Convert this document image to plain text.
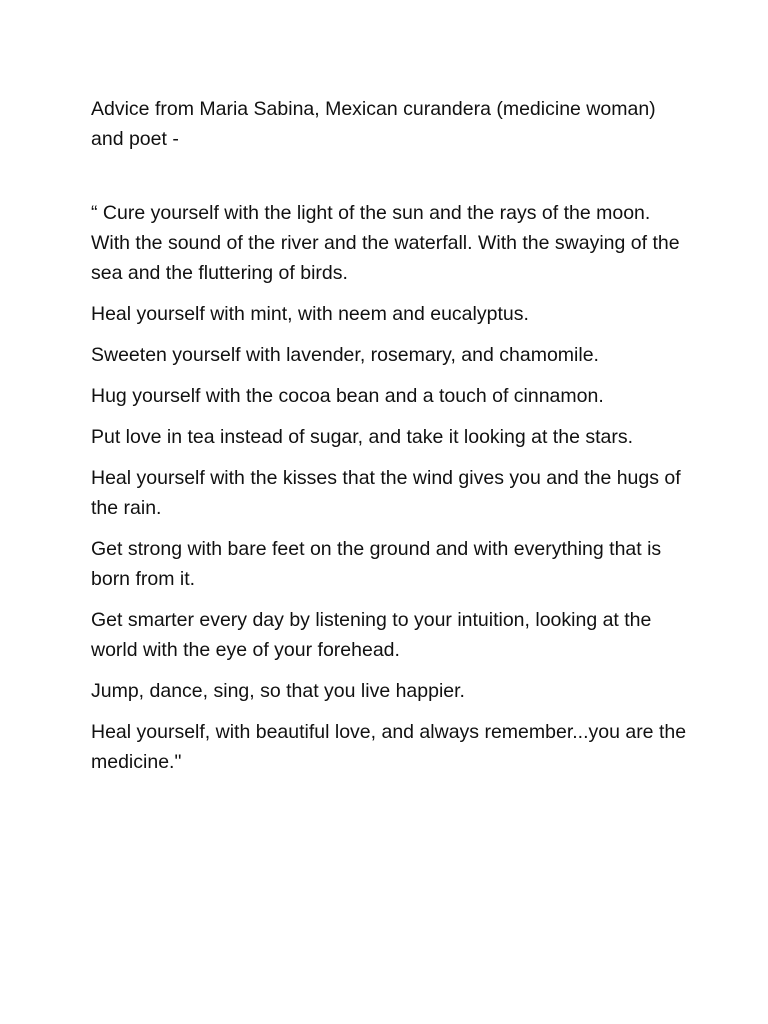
Advice from Maria Sabina, Mexican curandera (medicine woman) and poet -

“ Cure yourself with the light of the sun and the rays of the moon. With the sound of the river and the waterfall. With the swaying of the sea and the fluttering of birds.

Heal yourself with mint, with neem and eucalyptus.

Sweeten yourself with lavender, rosemary, and chamomile.

Hug yourself with the cocoa bean and a touch of cinnamon.

Put love in tea instead of sugar, and take it looking at the stars.

Heal yourself with the kisses that the wind gives you and the hugs of the rain.

Get strong with bare feet on the ground and with everything that is born from it.

Get smarter every day by listening to your intuition, looking at the world with the eye of your forehead.

Jump, dance, sing, so that you live happier.

Heal yourself, with beautiful love, and always remember...you are the medicine."
